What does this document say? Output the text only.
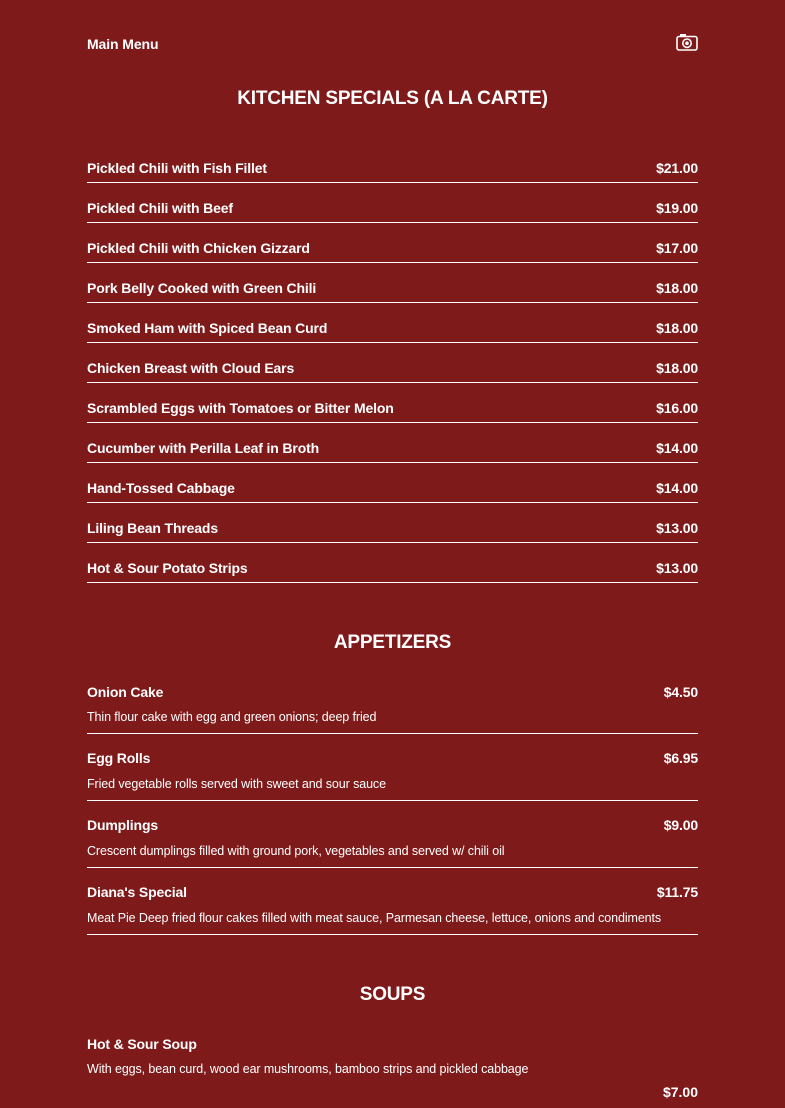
Main Menu
KITCHEN SPECIALS (A LA CARTE)
Pickled Chili with Fish Fillet	$21.00
Pickled Chili with Beef	$19.00
Pickled Chili with Chicken Gizzard	$17.00
Pork Belly Cooked with Green Chili	$18.00
Smoked Ham with Spiced Bean Curd	$18.00
Chicken Breast with Cloud Ears	$18.00
Scrambled Eggs with Tomatoes or Bitter Melon	$16.00
Cucumber with Perilla Leaf in Broth	$14.00
Hand-Tossed Cabbage	$14.00
Liling Bean Threads	$13.00
Hot & Sour Potato Strips	$13.00
APPETIZERS
Onion Cake	$4.50
Thin flour cake with egg and green onions; deep fried
Egg Rolls	$6.95
Fried vegetable rolls served with sweet and sour sauce
Dumplings	$9.00
Crescent dumplings filled with ground pork, vegetables and served w/ chili oil
Diana's Special	$11.75
Meat Pie Deep fried flour cakes filled with meat sauce, Parmesan cheese, lettuce, onions and condiments
SOUPS
Hot & Sour Soup
With eggs, bean curd, wood ear mushrooms, bamboo strips and pickled cabbage
$7.00
